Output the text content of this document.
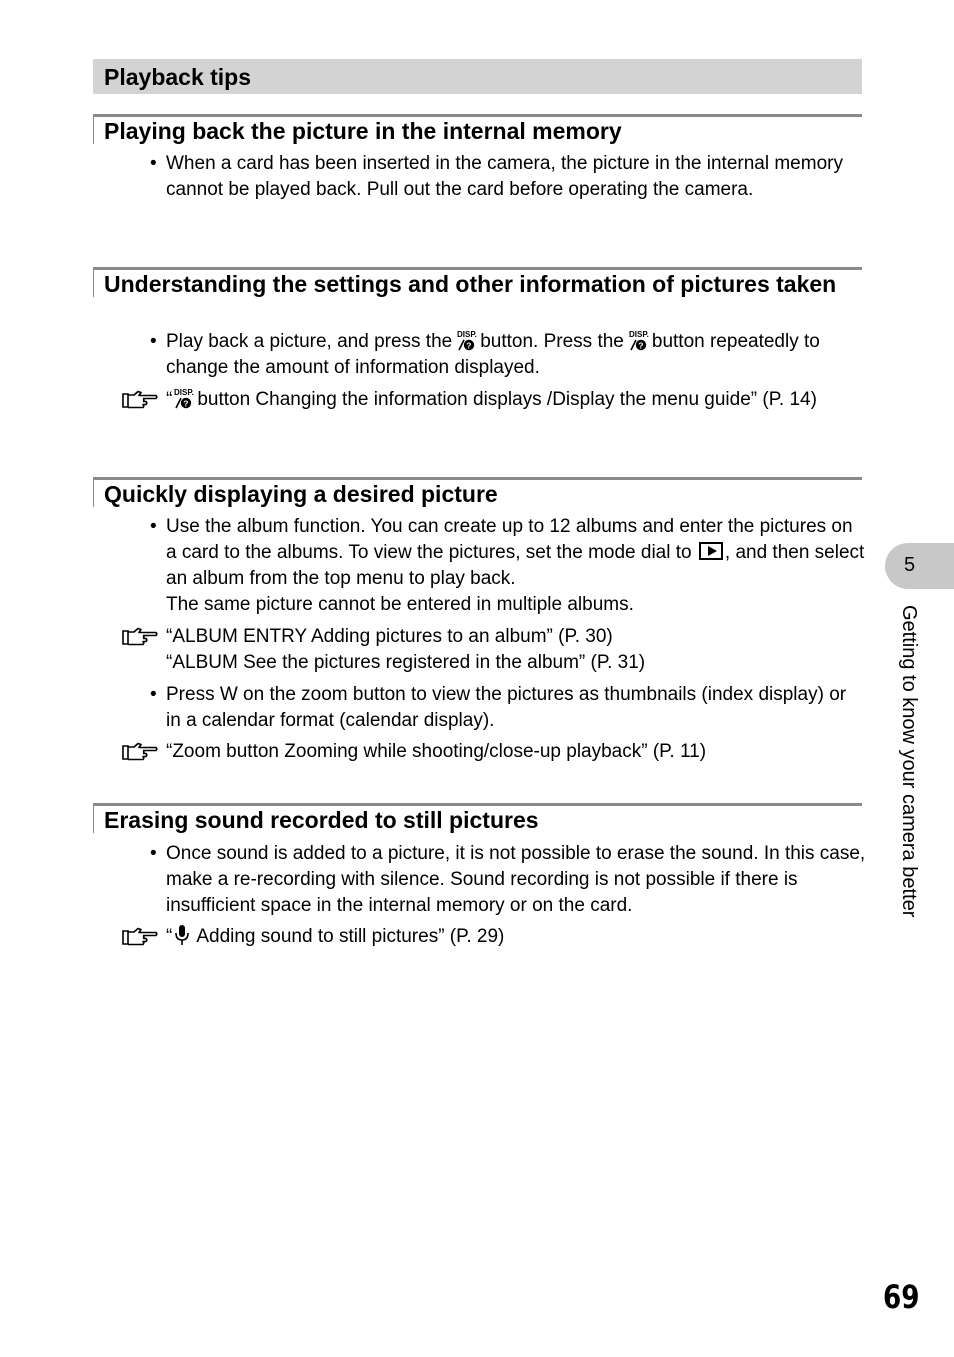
Playback tips
Playing back the picture in the internal memory
• When a card has been inserted in the camera, the picture in the internal memory cannot be played back. Pull out the card before operating the camera.
Understanding the settings and other information of pictures taken
• Play back a picture, and press the button. Press the button repeatedly to change the amount of information displayed.
“ button Changing the information displays /Display the menu guide” (P. 14)
Quickly displaying a desired picture
• Use the album function. You can create up to 12 albums and enter the pictures on a card to the albums. To view the pictures, set the mode dial to , and then select an album from the top menu to play back.
The same picture cannot be entered in multiple albums.
“ALBUM ENTRY Adding pictures to an album” (P. 30)
“ALBUM See the pictures registered in the album” (P. 31)
• Press W on the zoom button to view the pictures as thumbnails (index display) or in a calendar format (calendar display).
“Zoom button Zooming while shooting/close-up playback” (P. 11)
Erasing sound recorded to still pictures
• Once sound is added to a picture, it is not possible to erase the sound. In this case, make a re-recording with silence. Sound recording is not possible if there is insufficient space in the internal memory or on the card.
“ Adding sound to still pictures” (P. 29)
5
Getting to know your camera better
69
